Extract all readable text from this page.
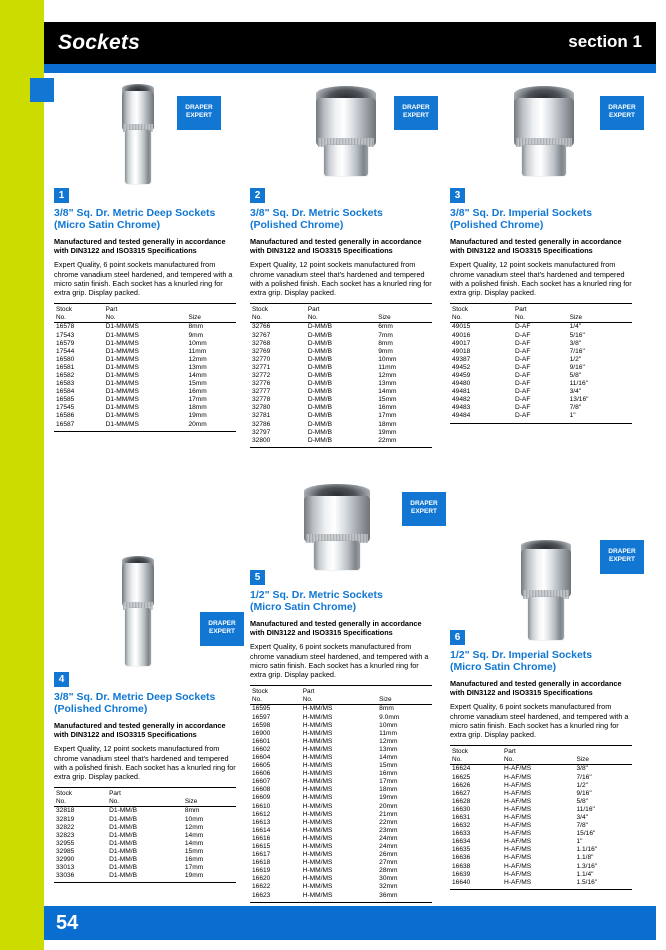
Sockets	section 1
DRAPER
EXPERT
DRAPER
EXPERT
DRAPER
EXPERT
1
3/8" Sq. Dr. Metric Deep Sockets
(Micro Satin Chrome)
Manufactured and tested generally in accordance with DIN3122 and ISO3315 Specifications
Expert Quality, 6 point sockets manufactured from chrome vanadium steel hardened, and tempered with a micro satin finish. Each socket has a knurled ring for extra grip. Display packed.
Stock
No.	Part
No.	Size
16578	D1-MM/MS	8mm
17543	D1-MM/MS	9mm
16579	D1-MM/MS	10mm
17544	D1-MM/MS	11mm
16580	D1-MM/MS	12mm
16581	D1-MM/MS	13mm
16582	D1-MM/MS	14mm
16583	D1-MM/MS	15mm
16584	D1-MM/MS	16mm
16585	D1-MM/MS	17mm
17545	D1-MM/MS	18mm
16586	D1-MM/MS	19mm
16587	D1-MM/MS	20mm
2
3/8" Sq. Dr. Metric Sockets
(Polished Chrome)
Manufactured and tested generally in accordance with DIN3122 and ISO3315 Specifications
Expert Quality, 12 point sockets manufactured from chrome vanadium steel that's hardened and tempered with a polished finish. Each socket has a knurled ring for extra grip. Display packed.
Stock
No.	Part
No.	Size
32766	D-MM/B	6mm
32767	D-MM/B	7mm
32768	D-MM/B	8mm
32769	D-MM/B	9mm
32770	D-MM/B	10mm
32771	D-MM/B	11mm
32772	D-MM/B	12mm
32776	D-MM/B	13mm
32777	D-MM/B	14mm
32778	D-MM/B	15mm
32780	D-MM/B	16mm
32781	D-MM/B	17mm
32786	D-MM/B	18mm
32797	D-MM/B	19mm
32800	D-MM/B	22mm
3
3/8" Sq. Dr. Imperial Sockets
(Polished Chrome)
Manufactured and tested generally in accordance with DIN3122 and ISO3315 Specifications
Expert Quality, 12 point sockets manufactured from chrome vanadium steel that's hardened and tempered with a polished finish. Each socket has a knurled ring for extra grip. Display packed.
Stock
No.	Part
No.	Size
49015	D-AF	1/4"
49016	D-AF	5/16"
49017	D-AF	3/8"
49018	D-AF	7/16"
49387	D-AF	1/2"
49452	D-AF	9/16"
49459	D-AF	5/8"
49480	D-AF	11/16"
49481	D-AF	3/4"
49482	D-AF	13/16"
49483	D-AF	7/8"
49484	D-AF	1"
DRAPER
EXPERT
DRAPER
EXPERT
DRAPER
EXPERT
4
3/8" Sq. Dr. Metric Deep Sockets
(Polished Chrome)
Manufactured and tested generally in accordance with DIN3122 and ISO3315 Specifications
Expert Quality, 12 point sockets manufactured from chrome vanadium steel that's hardened and tempered with a polished finish. Each socket has a knurled ring for extra grip. Display packed.
Stock
No.	Part
No.	Size
32818	D1-MM/B	8mm
32819	D1-MM/B	10mm
32822	D1-MM/B	12mm
32823	D1-MM/B	14mm
32955	D1-MM/B	14mm
32985	D1-MM/B	15mm
32990	D1-MM/B	16mm
33013	D1-MM/B	17mm
33036	D1-MM/B	19mm
5
1/2" Sq. Dr. Metric Sockets
(Micro Satin Chrome)
Manufactured and tested generally in accordance with DIN3122 and ISO3315 Specifications
Expert Quality, 6 point sockets manufactured from chrome vanadium steel hardened, and tempered with a micro satin finish. Each socket has a knurled ring for extra grip. Display packed.
Stock
No.	Part
No.	Size
16595	H-MM/MS	8mm
16597	H-MM/MS	9.0mm
16598	H-MM/MS	10mm
16900	H-MM/MS	11mm
16601	H-MM/MS	12mm
16602	H-MM/MS	13mm
16604	H-MM/MS	14mm
16605	H-MM/MS	15mm
16606	H-MM/MS	16mm
16607	H-MM/MS	17mm
16608	H-MM/MS	18mm
16609	H-MM/MS	19mm
16610	H-MM/MS	20mm
16612	H-MM/MS	21mm
16613	H-MM/MS	22mm
16614	H-MM/MS	23mm
16616	H-MM/MS	24mm
16615	H-MM/MS	24mm
16617	H-MM/MS	26mm
16618	H-MM/MS	27mm
16619	H-MM/MS	28mm
16620	H-MM/MS	30mm
16622	H-MM/MS	32mm
16623	H-MM/MS	36mm
6
1/2" Sq. Dr. Imperial Sockets
(Micro Satin Chrome)
Manufactured and tested generally in accordance with DIN3122 and ISO3315 Specifications
Expert Quality, 6 point sockets manufactured from chrome vanadium steel hardened, and tempered with a micro satin finish. Each socket has a knurled ring for extra grip. Display packed.
Stock
No.	Part
No.	Size
16624	H-AF/MS	3/8"
16625	H-AF/MS	7/16"
16626	H-AF/MS	1/2"
16627	H-AF/MS	9/16"
16628	H-AF/MS	5/8"
16630	H-AF/MS	11/16"
16631	H-AF/MS	3/4"
16632	H-AF/MS	7/8"
16633	H-AF/MS	15/16"
16634	H-AF/MS	1"
16635	H-AF/MS	1.1/16"
16636	H-AF/MS	1.1/8"
16638	H-AF/MS	1.3/16"
16639	H-AF/MS	1.1/4"
16640	H-AF/MS	1.5/16"
54
